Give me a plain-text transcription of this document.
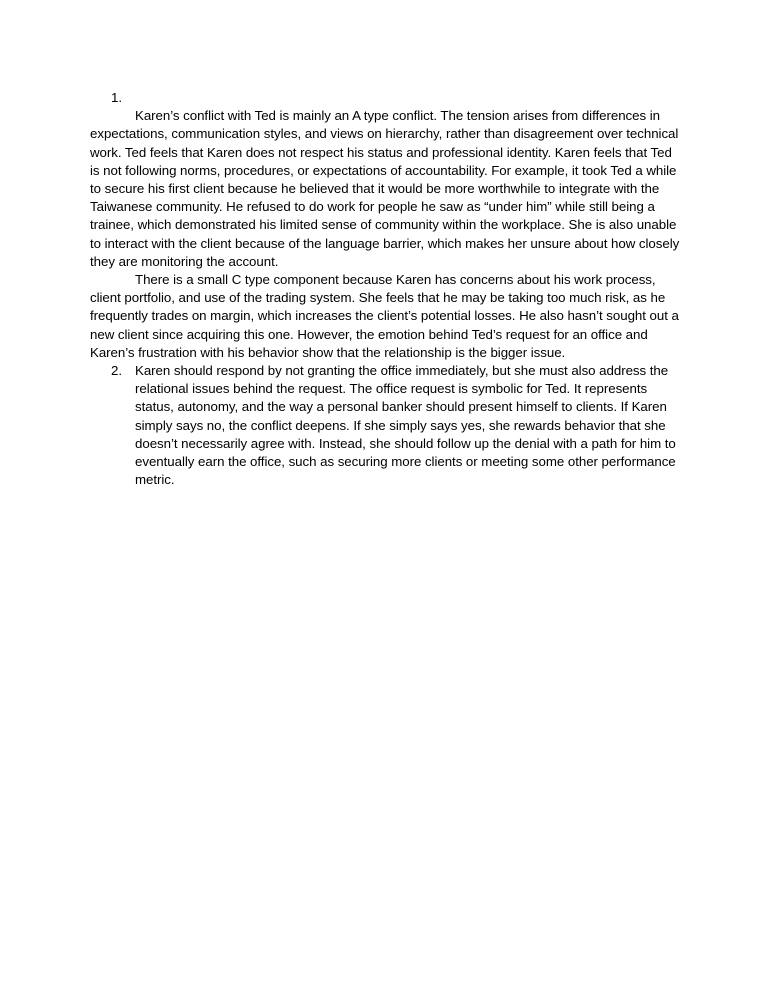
1.

Karen’s conflict with Ted is mainly an A type conflict. The tension arises from differences in expectations, communication styles, and views on hierarchy, rather than disagreement over technical work. Ted feels that Karen does not respect his status and professional identity. Karen feels that Ted is not following norms, procedures, or expectations of accountability. For example, it took Ted a while to secure his first client because he believed that it would be more worthwhile to integrate with the Taiwanese community. He refused to do work for people he saw as “under him” while still being a trainee, which demonstrated his limited sense of community within the workplace. She is also unable to interact with the client because of the language barrier, which makes her unsure about how closely they are monitoring the account.

There is a small C type component because Karen has concerns about his work process, client portfolio, and use of the trading system. She feels that he may be taking too much risk, as he frequently trades on margin, which increases the client’s potential losses. He also hasn’t sought out a new client since acquiring this one. However, the emotion behind Ted’s request for an office and Karen’s frustration with his behavior show that the relationship is the bigger issue.

2. Karen should respond by not granting the office immediately, but she must also address the relational issues behind the request. The office request is symbolic for Ted. It represents status, autonomy, and the way a personal banker should present himself to clients. If Karen simply says no, the conflict deepens. If she simply says yes, she rewards behavior that she doesn’t necessarily agree with. Instead, she should follow up the denial with a path for him to eventually earn the office, such as securing more clients or meeting some other performance metric.
